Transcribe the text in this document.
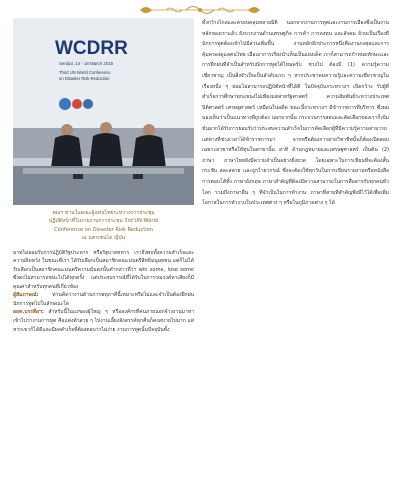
WCDRR
Sendai, 14 - 18 March 2015
Third UN World Conference
on Disaster Risk Reduction
พณฯ ท่านในคณะผู้แทนไทยระหว่างการประชุม
ปฏิบัติหน้าที่ในรายงานการประชุม 3rd UN World
Conference on Disaster Risk Reduction
ณ นครเซนได ญี่ปุ่น

มาทไม่ยอมรับการปฏิบัติรัฐประหาร หรือรัฐบาลทหาร เราจึงพบทั้งความสำเร็จและความผิดหวัง ในขณะที่เรา ได้รับเลือกเป็นสมาชิกคณะมนตรีสิทธิมนุษยชน แต่ก็ไม่ได้รับเลือกเป็นสมาชิกคณะมนตรีความมั่นคงนั้นคำกล่าวที่ว่า win some, lose some ซึ่งคงไม่สามารถชนะไปได้ทุกครั้ง แต่ประสบการณ์ที่ได้รับในการรณรงค์หาเสียงก็มีคุณค่าสำหรับทุกคนที่เกี่ยวข้อง

ผู้สัมภาษณ์: ท่านคิดว่างานด้านการพหุภาคีนี้เหมาะหรือไม่และจำเป็นต้องฝึกฝนนักการทูตไปในลักษณะใด

ออท.บรรลือฯ: สำหรับนี้ในแง่ของผู้ใหญ่ ๆ หรือองค์กรที่คนภายนอกจ้างงานมาหาเข้าไปว่างานการทูต คือแต่งตัวสวย ๆ ไปงานเลี้ยงสังสรรค์ทุกคืนก็คงสบายไปมาก แต่หากเขาก็ได้ดีและมีผลสำเร็จที่ต้องตอบว่าไม่ง่าย งานการทูตนั้นปัจจุบันทั้ง

ทั้งกว้างไกลและครอบคลุมหลายมิติ นอกจากงานการทูตและงานการเมืองซึ่งเป็นงานหลักของเราแล้ว ยังบวกงานด้านเศรษฐกิจ การค้า การลงทุน และสังคม ล้วนเป็นเรื่องที่นักการทูตต้องเข้าไปมีส่วนเพิ่มขึ้น งานหลักอีกประการหนึ่งคืองานกงสุลและการคุ้มครองดูแลคนไทย เมื่อเอาการเรียงนำเห็นเป็นแย่งเด็ด เราก็สามารถกำหนดทักษะและการฝึกฝนที่จำเป็นสำหรับนักการทูตได้ไหมครับ ช่วงไป ต้องมี (1) ความรู้ความเชี่ยวชาญ เป็นสิ่งจำเป็นเป็นลำดับแรก ๆ หากประชาคมความรู้และความเชี่ยวชาญในเรื่องหนึ่ง ๆ ย่อมไม่สามารถปฏิบัติหน้าที่ได้ดี ในปัจจุบันกระทรวงฯ เปิดกว้าง รับผู้ที่สำเร็จการศึกษาทุกแขนงไม่เพียงแต่สายรัฐศาสตร์ ความสัมพันธ์ระหว่างประเทศ นิติศาสตร์ เศรษฐศาสตร์ เหมือนในอดีต ขณะนี้กระทรวงฯ มีข้าราชการที่บริหาร ซึ่งผมมองเห็นว่าเป็นแนวทางที่ถูกต้อง นอกจากนั้น กระบวนการสอบและคัดเลือกของเราก็เข้มข้นมากได้รับการยอมรับว่าประสบความสำเร็จในการคัดเลือกผู้ที่มีความรู้ความสามารถ แต่ทางที่ช่วงเวลาได้ข้าราชการมา จากหรือต้องการสายวิชาชีพนั้นก็ต้องเปิดสอบ เฉพาะสาขาหรือให้ทุนในสาขานั้น อาทิ ด้านกฎหมายและเศรษฐศาสตร์ เป็นต้น (2) ภาษา ภาษาไทยยังมีความจำเป็นอย่างยิ่งยวด โดยเฉพาะในการเขียนที่จะต้องสั้น กระชับ สละสลวย และถูกไวยากรณ์ ซึ่งจะต้องใช้ทุกวันในการเขียนรายงานหรือหนังสือ การตอบโต้ทั้ง ภาษาอังกฤษ ภาษาสำคัญที่ต้องมีความสามารถในการสื่อสารกับทุกคนทั่วโลก รวมถึงภาษาอื่น ๆ ที่จำเป็นในการทำงาน ภาษาที่สามที่สำคัญพึงมีไว้ได้เพื่อเพิ่มโอกาสในการทำงานในประเทศต่าง ๆ หรือในภูมิภาคต่าง ๆ ได้
